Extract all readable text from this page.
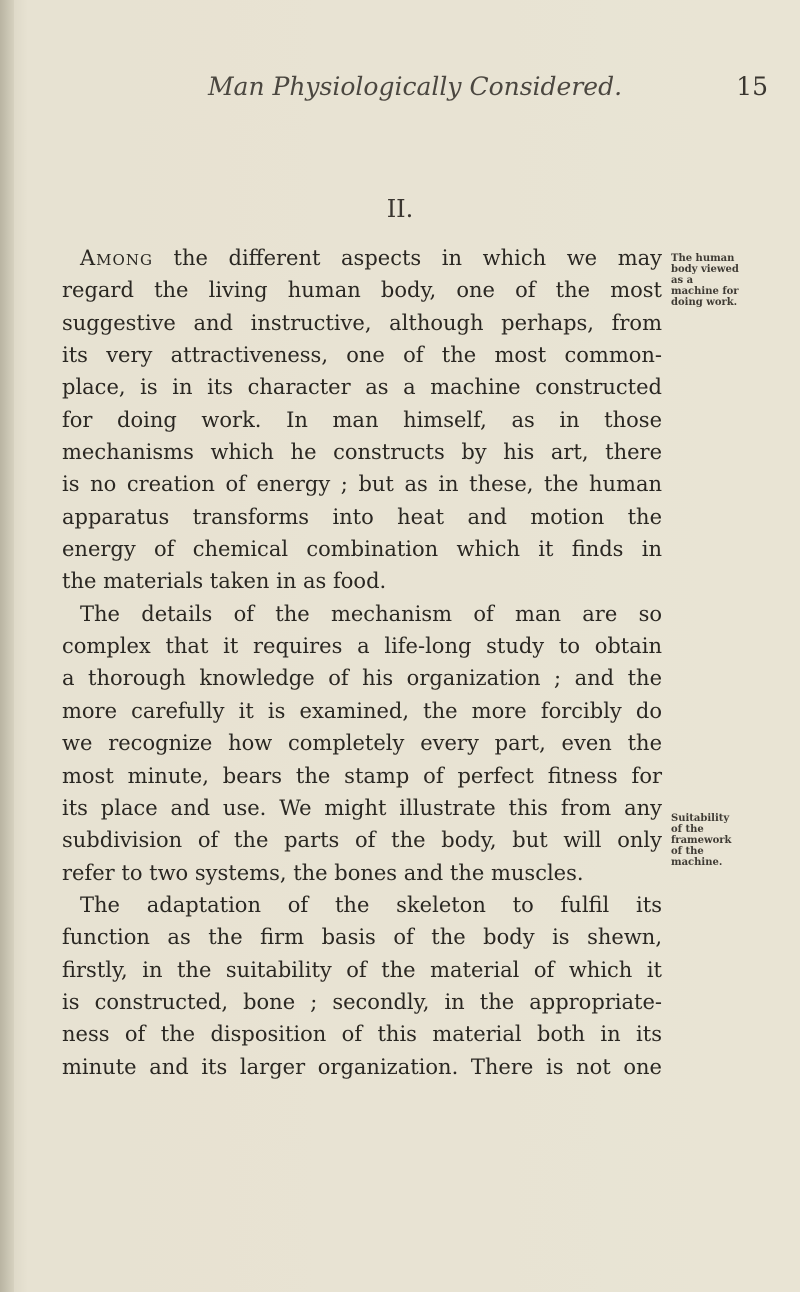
Man Physiologically Considered.	15
II.
Among the different aspects in which we may
regard the living human body, one of the most
suggestive and instructive, although perhaps, from
its very attractiveness, one of the most common-
place, is in its character as a machine constructed
for doing work. In man himself, as in those
mechanisms which he constructs by his art, there
is no creation of energy ; but as in these, the human
apparatus transforms into heat and motion the
energy of chemical combination which it finds in
the materials taken in as food.
The details of the mechanism of man are so
complex that it requires a life-long study to obtain
a thorough knowledge of his organization ; and the
more carefully it is examined, the more forcibly do
we recognize how completely every part, even the
most minute, bears the stamp of perfect fitness for
its place and use. We might illustrate this from any
subdivision of the parts of the body, but will only
refer to two systems, the bones and the muscles.
The adaptation of the skeleton to fulfil its
function as the firm basis of the body is shewn,
firstly, in the suitability of the material of which it
is constructed, bone ; secondly, in the appropriate-
ness of the disposition of this material both in its
minute and its larger organization. There is not one
The human
body viewed
as a
machine for
doing work.
Suitability
of the
framework
of the
machine.
